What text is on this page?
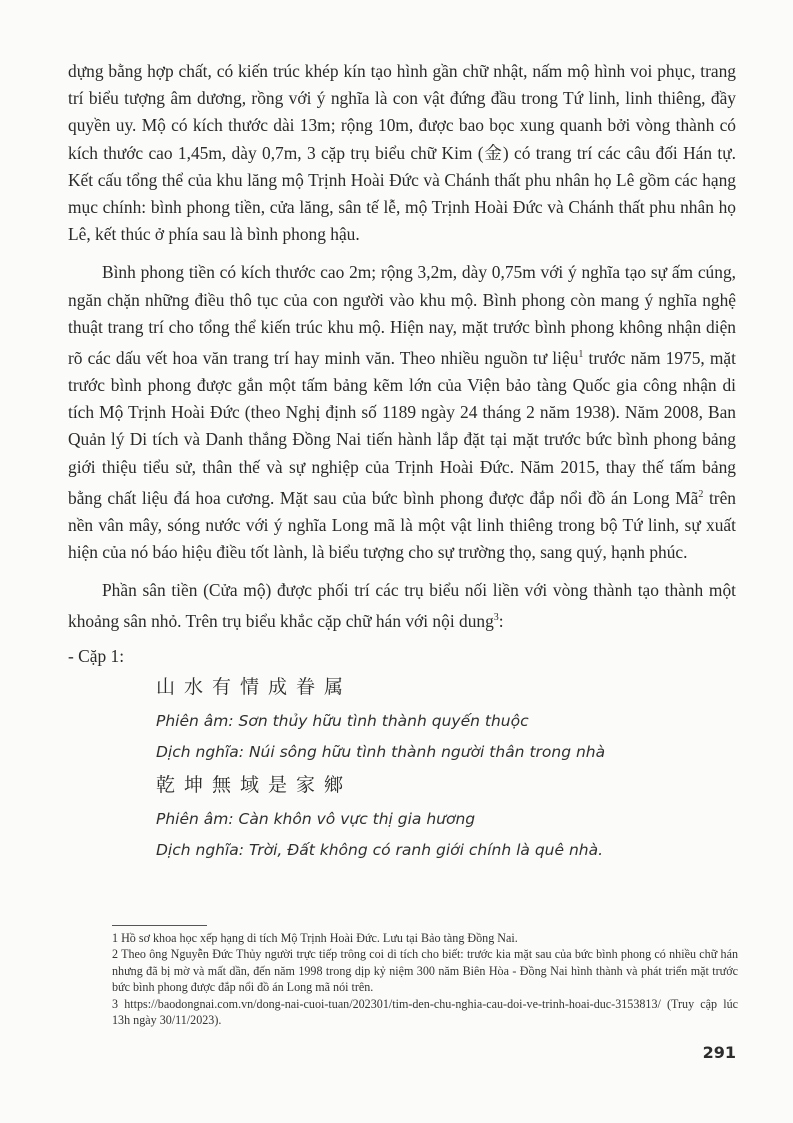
dựng bằng hợp chất, có kiến trúc khép kín tạo hình gần chữ nhật, nấm mộ hình voi phục, trang trí biểu tượng âm dương, rồng với ý nghĩa là con vật đứng đầu trong Tứ linh, linh thiêng, đầy quyền uy. Mộ có kích thước dài 13m; rộng 10m, được bao bọc xung quanh bởi vòng thành có kích thước cao 1,45m, dày 0,7m, 3 cặp trụ biểu chữ Kim (金) có trang trí các câu đối Hán tự. Kết cấu tổng thể của khu lăng mộ Trịnh Hoài Đức và Chánh thất phu nhân họ Lê gồm các hạng mục chính: bình phong tiền, cửa lăng, sân tế lễ, mộ Trịnh Hoài Đức và Chánh thất phu nhân họ Lê, kết thúc ở phía sau là bình phong hậu.

Bình phong tiền có kích thước cao 2m; rộng 3,2m, dày 0,75m với ý nghĩa tạo sự ấm cúng, ngăn chặn những điều thô tục của con người vào khu mộ. Bình phong còn mang ý nghĩa nghệ thuật trang trí cho tổng thể kiến trúc khu mộ. Hiện nay, mặt trước bình phong không nhận diện rõ các dấu vết hoa văn trang trí hay minh văn. Theo nhiều nguồn tư liệu$^1$ trước năm 1975, mặt trước bình phong được gắn một tấm bảng kẽm lớn của Viện bảo tàng Quốc gia công nhận di tích Mộ Trịnh Hoài Đức (theo Nghị định số 1189 ngày 24 tháng 2 năm 1938). Năm 2008, Ban Quản lý Di tích và Danh thắng Đồng Nai tiến hành lắp đặt tại mặt trước bức bình phong bảng giới thiệu tiểu sử, thân thế và sự nghiệp của Trịnh Hoài Đức. Năm 2015, thay thế tấm bảng bằng chất liệu đá hoa cương. Mặt sau của bức bình phong được đắp nổi đồ án Long $Mã^2$ trên nền vân mây, sóng nước với ý nghĩa Long mã là một vật linh thiêng trong bộ Tứ linh, sự xuất hiện của nó báo hiệu điều tốt lành, là biểu tượng cho sự trường thọ, sang quý, hạnh phúc.

Phần sân tiền (Cửa mộ) được phối trí các trụ biểu nối liền với vòng thành tạo thành một khoảng sân nhỏ. Trên trụ biểu khắc cặp chữ hán với nội dung$^3$:

- Cặp 1:
山水有情成眷属
Phiên âm: Sơn thủy hữu tình thành quyến thuộc
Dịch nghĩa: Núi sông hữu tình thành người thân trong nhà
乾坤無域是家鄉
Phiên âm: Càn khôn vô vực thị gia hương
Dịch nghĩa: Trời, Đất không có ranh giới chính là quê nhà.
1 Hồ sơ khoa học xếp hạng di tích Mộ Trịnh Hoài Đức. Lưu tại Bảo tàng Đồng Nai.
2 Theo ông Nguyễn Đức Thủy người trực tiếp trông coi di tích cho biết: trước kia mặt sau của bức bình phong có nhiều chữ hán nhưng đã bị mờ và mất dần, đến năm 1998 trong dịp kỷ niệm 300 năm Biên Hòa - Đồng Nai hình thành và phát triển mặt trước bức bình phong được đắp nổi đồ án Long mã nói trên.
3 https://baodongnai.com.vn/dong-nai-cuoi-tuan/202301/tim-den-chu-nghia-cau-doi-ve-trinh-hoai-duc-3153813/ (Truy cập lúc 13h ngày 30/11/2023).
291
